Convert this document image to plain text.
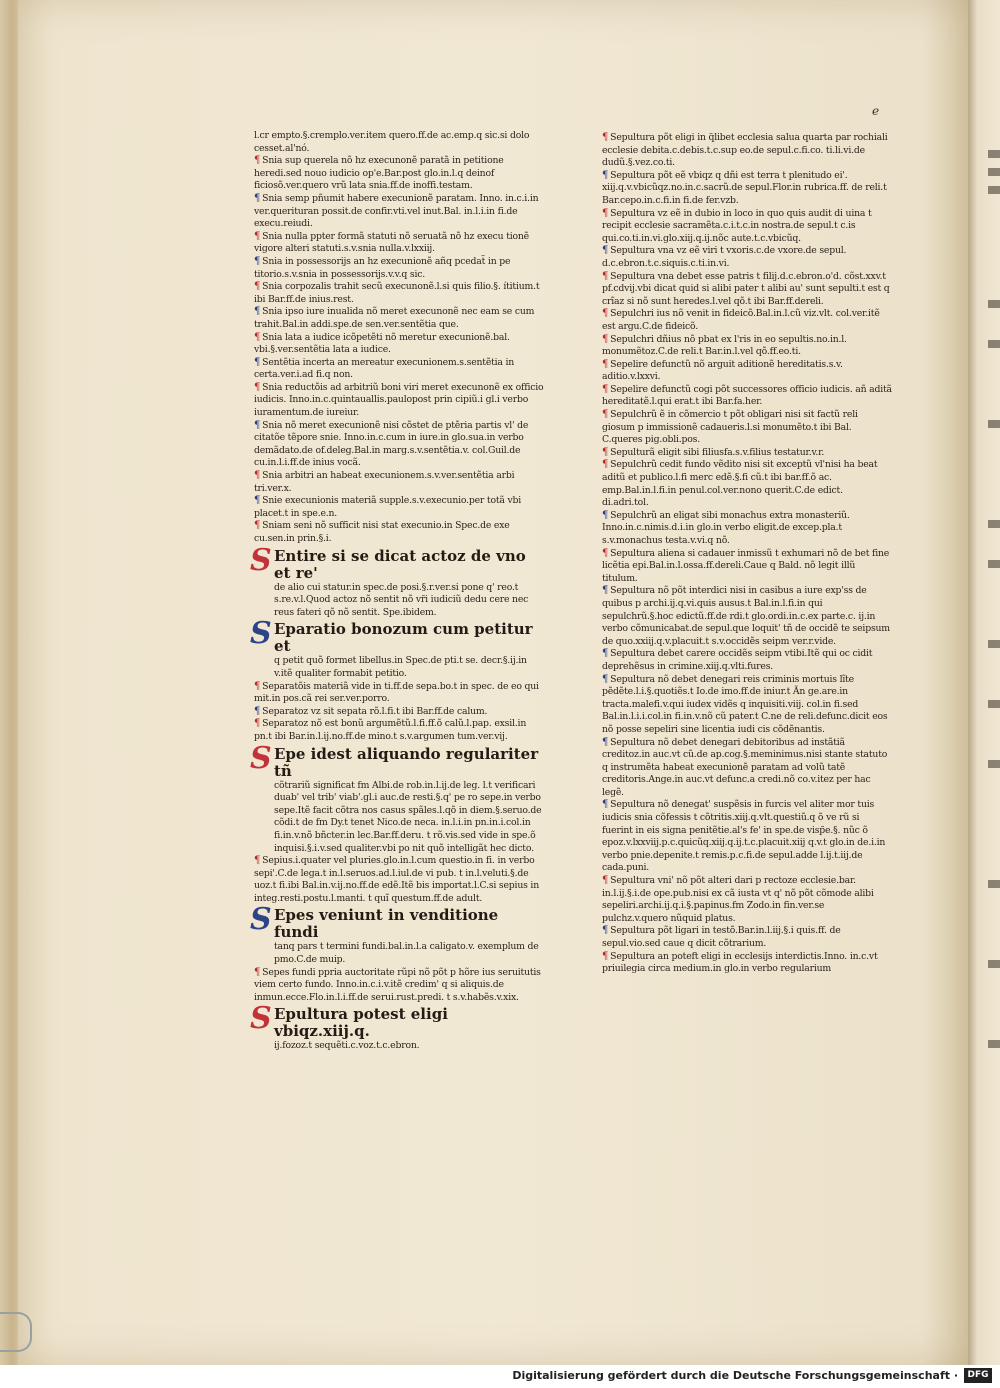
e

l.cr empto.§.cremplo.ver.item quero.ff.de ac.emp.q sic.si dolo cesset.al'nó.

¶ Snia sup querela nõ hz execunonẽ paratã in petitione heredi.sed nouo iudicio op'e.Bar.post glo.in.l.q deinof ficiosõ.ver.quero vrũ lata snia.ff.de inoffi.testam.

¶ Snia semp pñumit habere execunionẽ paratam. Inno. in.c.i.in ver.querituran possit.de confir.vti.vel inut.Bal. in.l.i.in fi.de execu.reiudi.

¶ Snia nulla ppter formã statuti nõ seruatã nõ hz execu tionẽ vigore alteri statuti.s.v.snia nulla.v.lxxiij.

¶ Snia in possessorijs an hz execunionẽ añq pcedat̃ in pe titorio.s.v.snia in possessorijs.v.v.q sic.

¶ Snia corpozalis trahit secũ execunonẽ.l.si quis filio.§. ítitium.t ibi Bar.ff.de inius.rest.

¶ Snia ipso iure inualida nõ meret execunonẽ nec eam se cum trahit.Bal.in addi.spe.de sen.ver.sentẽtia que.

¶ Snia lata a iudice icõpetẽti nõ meretur execunionẽ.bal. vbi.§.ver.sentẽtia lata a iudice.

¶ Sentẽtia incerta an mereatur execunionem.s.sentẽtia in certa.ver.i.ad fi.q non.

¶ Snia reductõis ad arbitriũ boni viri meret execunonẽ ex officio iudicis. Inno.in.c.quintauallis.paulopost prin cipiũ.i gl.i verbo iuramentum.de iureiur.

¶ Snia nõ meret execunionẽ nisi cõstet de ptẽria partis vl' de citatõe tẽpore snie. Inno.in.c.cum in iure.in glo.sua.in verbo demãdato.de of.deleg.Bal.in marg.s.v.sentẽtia.v. col.Guil.de cu.in.l.i.ff.de inius vocã.

¶ Snia arbitri an habeat execunionem.s.v.ver.sentẽtia arbi tri.ver.x.

¶ Snie execunionis materiã supple.s.v.execunio.per totã vbi placet.t in spe.e.n.

¶ Sniam seni nõ sufficit nisi stat execunio.in Spec.de exe cu.sen.in prin.§.i.

S Entire si se dicat actoz de vno et re'
de alio cui statur.in spec.de posi.§.r.ver.si pone q' reo.t s.re.v.l.Quod actoz nõ sentit nõ vr̃i iudiciũ dedu cere nec reus fateri qõ nõ sentit. Spe.ibidem.
S Eparatio bonozum cum petitur et
q petit quõ formet libellus.in Spec.de pti.t se. decr.§.ij.in v.itẽ qualiter formabit petitio.

¶ Separatõis materiã vide in ti.ff.de sepa.bo.t in spec. de eo qui mit.in pos.cã rei ser.ver.porro.

¶ Separatoz vz sit sepata rõ.l.fi.t ibi Bar.ff.de calum.

¶ Separatoz nõ est bonũ argumẽtũ.l.fi.ff.õ calũ.l.pap. exsil.in pn.t ibi Bar.in.l.ij.no.ff.de mino.t s.v.argumen tum.ver.vij.

S Epe idest aliquando regulariter tñ
cõtrariũ significat fm Albi.de rob.in.l.ij.de leg. l.t verificari duab' vel trib' viab'.gl.i auc.de resti.§.q' pe ro sepe.in verbo sepe.Itẽ facit cõtra nos casus spãles.l.qõ in diem.§.seruo.de cõdi.t de fm Dy.t tenet Nico.de neca. in.l.i.in pn.in.i.col.in fi.in.v.nõ bñcter.in lec.Bar.ff.deru. t rõ.vis.sed vide in spe.õ inquisi.§.i.v.sed qualiter.vbi po nit quõ intelligãt hec dicto.

¶ Sepius.i.quater vel pluries.glo.in.l.cum questio.in fi. in verbo sepi'.C.de lega.t in.l.seruos.ad.l.iul.de vi pub. t in.l.veluti.§.de uoz.t fi.ibi Bal.in.v.ij.no.ff.de edẽ.Itẽ bis importat.l.C.si sepius in integ.resti.postu.l.manti. t quĩ questum.ff.de adult.

S Epes veniunt in venditione fundi
tanq pars t termini fundi.bal.in.l.a caligato.v. exemplum de pmo.C.de muip.

¶ Sepes fundi ppria auctoritate rũpi nõ põt p hõre ius seruitutis viem certo fundo. Inno.in.c.i.v.itẽ credim' q si aliquis.de inmun.ecce.Flo.in.l.i.ff.de serui.rust.predi. t s.v.habẽs.v.xix.

S Epultura potest eligi vbiqz.xiij.q.
ij.fozoz.t sequẽti.c.voz.t.c.ebron.

¶ Sepultura põt eligi in q̃libet ecclesia salua quarta par rochiali ecclesie debita.c.debis.t.c.sup eo.de sepul.c.fi.co. ti.li.vi.de dudũ.§.vez.co.ti.

¶ Sepultura põt eẽ vbiqz q dñi est terra t plenitudo ei'. xiij.q.v.vbicũqz.no.in.c.sacrũ.de sepul.Flor.in rubrica.ff. de reli.t Bar.cepo.in.c.fi.in fi.de fer.vzb.

¶ Sepultura vz eẽ in dubio in loco in quo quis audit di uina t recipit ecclesie sacramẽta.c.i.t.c.in nostra.de sepul.t c.is qui.co.ti.in.vi.glo.xiij.q.ij.nõc aute.t.c.vbicũq.

¶ Sepultura vna vz eẽ viri t vxoris.c.de vxore.de sepul. d.c.ebron.t.c.siquis.c.ti.in.vi.

¶ Sepultura vna debet esse patris t filij.d.c.ebron.o'd. cõst.xxv.t pf.cdvij.vbi dicat quid si alibi pater t alibi au' sunt sepulti.t est q crĩaz si nõ sunt heredes.l.vel qõ.t ibi Bar.ff.dereli.

¶ Sepulchri ius nõ venit in fideicõ.Bal.in.l.cũ viz.vlt. col.ver.itẽ est argu.C.de fideicõ.

¶ Sepulchri dñius nõ pbat ex l'ris in eo sepultis.no.in.l. monumẽtoz.C.de reli.t Bar.in.l.vel qõ.ff.eo.ti.

¶ Sepelire defunctũ nõ arguit aditionẽ hereditatis.s.v. aditio.v.lxxvi.

¶ Sepelire defunctũ cogi põt successores officio iudicis. añ aditã hereditatẽ.l.qui erat.t ibi Bar.fa.her.

¶ Sepulchrũ ẽ in cõmercio t põt obligari nisi sit factũ reli giosum p immissionẽ cadaueris.l.si monumẽto.t ibi Bal. C.queres pig.obli.pos.

¶ Sepulturã eligit sibi filiusfa.s.v.filius testatur.v.r.

¶ Sepulchrũ cedit fundo vẽdito nisi sit exceptũ vl'nisi ha beat aditũ et publico.l.fi merc edẽ.§.fi cũ.t ibi bar.ff.õ ac. emp.Bal.in.l.fi.in penul.col.ver.nono querit.C.de edict. di.adri.tol.

¶ Sepulchrũ an eligat sibi monachus extra monasteriũ. Inno.in.c.nimis.d.i.in glo.in verbo eligit.de excep.pla.t s.v.monachus testa.v.vi.q nõ.

¶ Sepultura aliena si cadauer inmissũ t exhumari nõ de bet fine licẽtia epi.Bal.in.l.ossa.ff.dereli.Caue q Bald. nõ legit illũ titulum.

¶ Sepultura nõ põt interdici nisi in casibus a iure exp'ss de quibus p archi.ij.q.vi.quis ausus.t Bal.in.l.fi.in qui sepulchrũ.§.hoc edictũ.ff.de rdi.t glo.ordi.in.c.ex parte.c. ij.in verbo cõmunicabat.de sepul.que loquit' tñ de occidẽ te seipsum de quo.xxiij.q.v.placuit.t s.v.occidẽs seipm ver.r.vide.

¶ Sepultura debet carere occidẽs seipm vtibi.Itẽ qui oc cidit deprehẽsus in crimine.xiij.q.vlti.fures.

¶ Sepultura nõ debet denegari reis criminis mortuis lĩte pẽdẽte.l.i.§.quotiẽs.t Io.de imo.ff.de iniur.t Ãn ge.are.in tracta.malefi.v.qui iudex vidẽs q inquisiti.viij. col.in fi.sed Bal.in.l.i.i.col.in fi.in.v.nõ cũ pater.t C.ne de reli.defunc.dicit eos nõ posse sepeliri sine licentia iudi cis cõdẽnantis.

¶ Sepultura nõ debet denegari debitoribus ad instãtiã creditoz.in auc.vt cũ.de ap.cog.§.meminimus.nisi stante statuto q instrumẽta habeat execunionẽ paratam ad volũ tatẽ creditoris.Ange.in auc.vt defunc.a credi.nõ co.v.itez per hac legẽ.

¶ Sepultura nõ denegat' suspẽsis in furcis vel aliter mor tuis iudicis snia cõfessis t cõtritis.xiij.q.vlt.questiũ.q õ ve rũ si fuerint in eis signa penitẽtie.al's fe' in spe.de visp̃e.§. nũc õ epoz.v.lxxviij.p.c.quicũq.xiij.q.ij.t.c.placuit.xiij q.v.t glo.in de.i.in verbo pnie.depenite.t remis.p.c.fi.de sepul.adde l.ij.t.iij.de cada.puni.

¶ Sepultura vni' nõ põt alteri dari p rectoze ecclesie.bar. in.l.ij.§.i.de ope.pub.nisi ex cã iusta vt q' nõ põt cõmode alibi sepeliri.archi.ij.q.i.§.papinus.fm Zodo.in fin.ver.se pulchz.v.quero nũquid platus.

¶ Sepultura põt ligari in testõ.Bar.in.l.iij.§.i quis.ff. de sepul.vio.sed caue q dicit cõtrarium.

¶ Sepultura an poteft eligi in ecclesijs interdictis.Inno. in.c.vt priuilegia circa medium.in glo.in verbo regularium

Digitalisierung gefördert durch die Deutsche Forschungsgemeinschaft ·	DFG
